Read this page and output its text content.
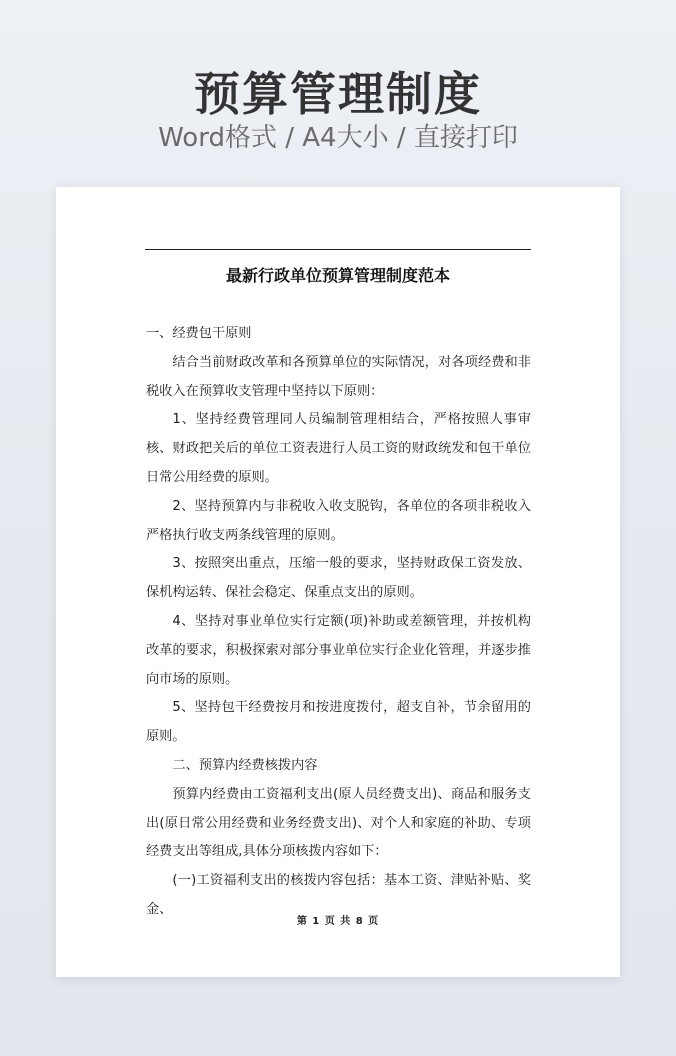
预算管理制度
Word格式 / A4大小 / 直接打印
最新行政单位预算管理制度范本

一、经费包干原则

结合当前财政改革和各预算单位的实际情况，对各项经费和非税收入在预算收支管理中坚持以下原则：

1、坚持经费管理同人员编制管理相结合，严格按照人事审核、财政把关后的单位工资表进行人员工资的财政统发和包干单位日常公用经费的原则。

2、坚持预算内与非税收入收支脱钩，各单位的各项非税收入严格执行收支两条线管理的原则。

3、按照突出重点，压缩一般的要求，坚持财政保工资发放、保机构运转、保社会稳定、保重点支出的原则。

4、坚持对事业单位实行定额(项)补助或差额管理，并按机构改革的要求，积极探索对部分事业单位实行企业化管理，并逐步推向市场的原则。

5、坚持包干经费按月和按进度拨付，超支自补，节余留用的原则。

二、预算内经费核拨内容

预算内经费由工资福利支出(原人员经费支出)、商品和服务支出(原日常公用经费和业务经费支出)、对个人和家庭的补助、专项经费支出等组成,具体分项核拨内容如下：

(一)工资福利支出的核拨内容包括：基本工资、津贴补贴、奖金、

第 1 页 共 8 页
